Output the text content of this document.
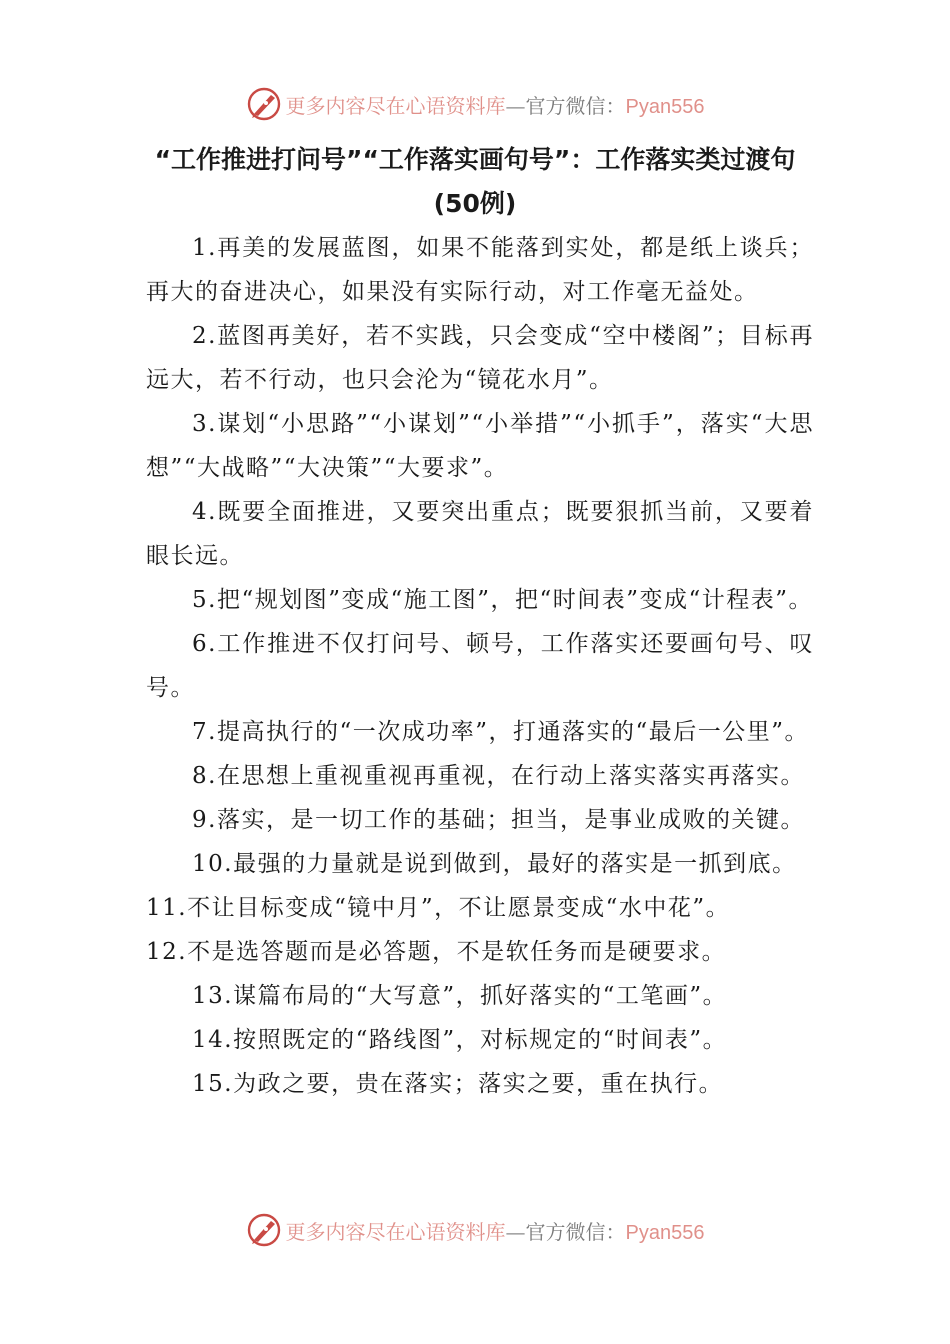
更多内容尽在心语资料库—官方微信：Pyan556
“工作推进打问号”“工作落实画句号”：工作落实类过渡句(50例)

1.再美的发展蓝图，如果不能落到实处，都是纸上谈兵；再大的奋进决心，如果没有实际行动，对工作毫无益处。

2.蓝图再美好，若不实践，只会变成“空中楼阁”；目标再远大，若不行动，也只会沦为“镜花水月”。

3.谋划“小思路”“小谋划”“小举措”“小抓手”，落实“大思想”“大战略”“大决策”“大要求”。

4.既要全面推进，又要突出重点；既要狠抓当前，又要着眼长远。

5.把“规划图”变成“施工图”，把“时间表”变成“计程表”。

6.工作推进不仅打问号、顿号，工作落实还要画句号、叹号。

7.提高执行的“一次成功率”，打通落实的“最后一公里”。

8.在思想上重视重视再重视，在行动上落实落实再落实。

9.落实，是一切工作的基础；担当，是事业成败的关键。

10.最强的力量就是说到做到，最好的落实是一抓到底。

11.不让目标变成“镜中月”，不让愿景变成“水中花”。

12.不是选答题而是必答题，不是软任务而是硬要求。

13.谋篇布局的“大写意”，抓好落实的“工笔画”。

14.按照既定的“路线图”，对标规定的“时间表”。

15.为政之要，贵在落实；落实之要，重在执行。

更多内容尽在心语资料库—官方微信：Pyan556
